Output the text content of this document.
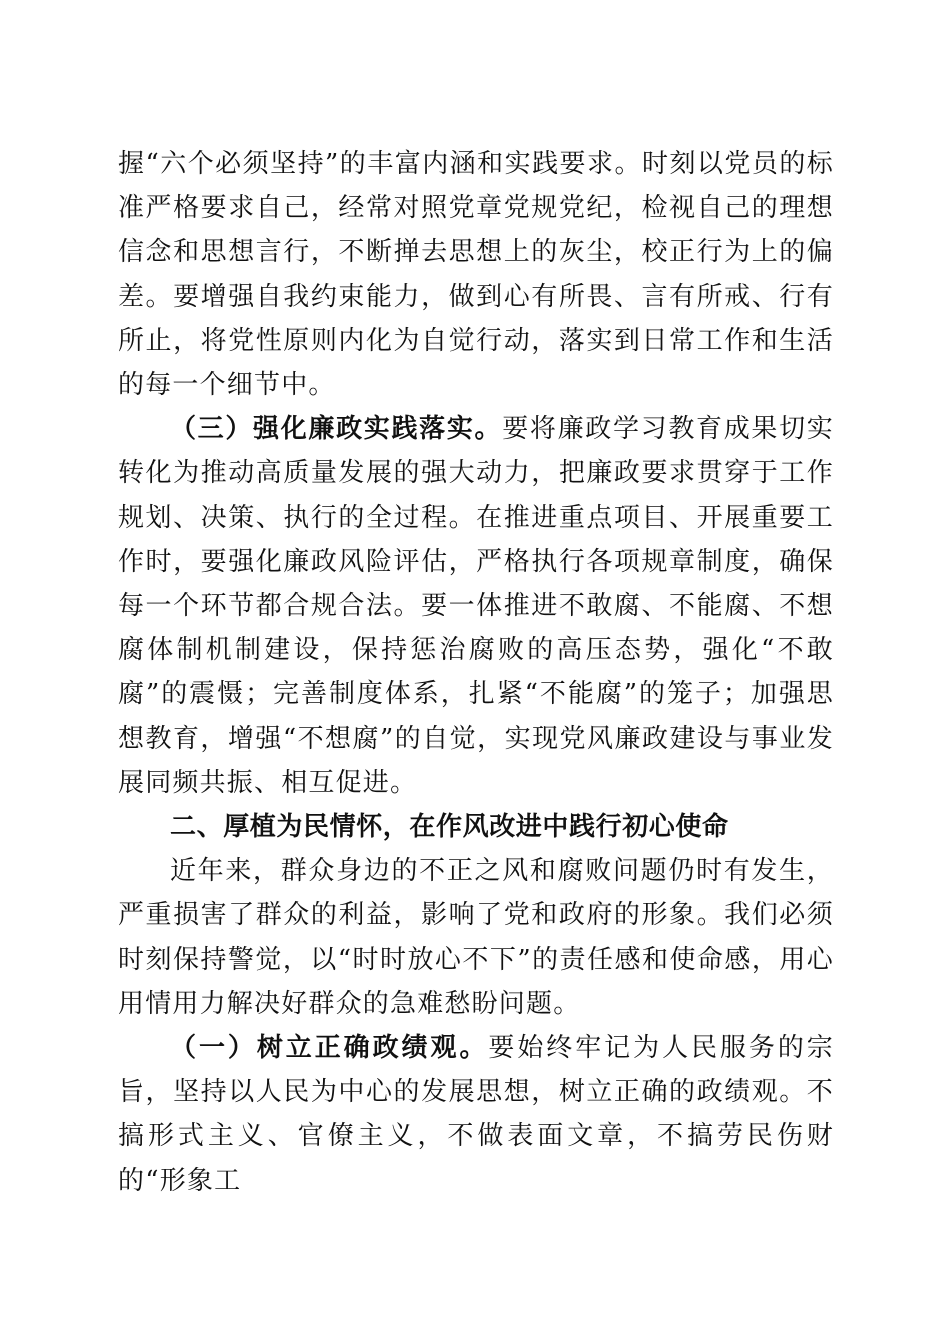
握“六个必须坚持”的丰富内涵和实践要求。时刻以党员的标准严格要求自己，经常对照党章党规党纪，检视自己的理想信念和思想言行，不断掸去思想上的灰尘，校正行为上的偏差。要增强自我约束能力，做到心有所畏、言有所戒、行有所止，将党性原则内化为自觉行动，落实到日常工作和生活的每一个细节中。

（三）强化廉政实践落实。要将廉政学习教育成果切实转化为推动高质量发展的强大动力，把廉政要求贯穿于工作规划、决策、执行的全过程。在推进重点项目、开展重要工作时，要强化廉政风险评估，严格执行各项规章制度，确保每一个环节都合规合法。要一体推进不敢腐、不能腐、不想腐体制机制建设，保持惩治腐败的高压态势，强化“不敢腐”的震慑；完善制度体系，扎紧“不能腐”的笼子；加强思想教育，增强“不想腐”的自觉，实现党风廉政建设与事业发展同频共振、相互促进。

二、厚植为民情怀，在作风改进中践行初心使命

近年来，群众身边的不正之风和腐败问题仍时有发生，严重损害了群众的利益，影响了党和政府的形象。我们必须时刻保持警觉，以“时时放心不下”的责任感和使命感，用心用情用力解决好群众的急难愁盼问题。

（一）树立正确政绩观。要始终牢记为人民服务的宗旨，坚持以人民为中心的发展思想，树立正确的政绩观。不搞形式主义、官僚主义，不做表面文章，不搞劳民伤财的“形象工
